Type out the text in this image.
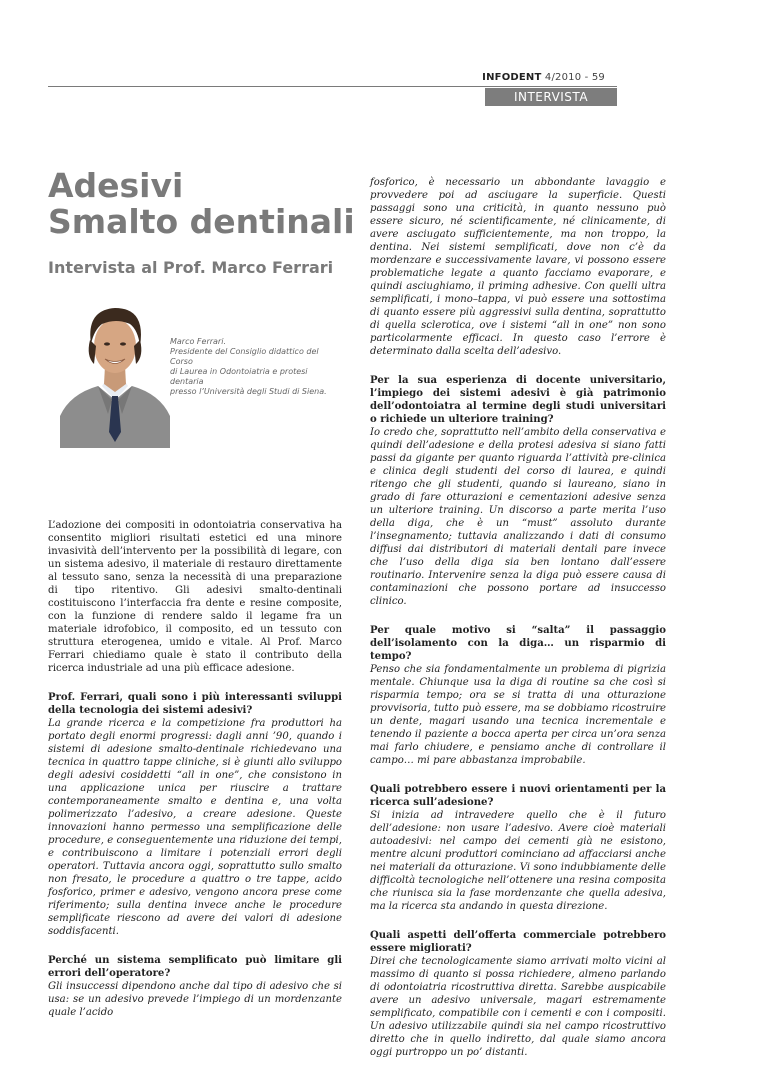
INFODENT 4/2010 - 59
INTERVISTA
Adesivi
Smalto dentinali
Intervista al Prof. Marco Ferrari

Marco Ferrari.

Presidente del Consiglio didattico del Corso

di Laurea in Odontoiatria e protesi dentaria

presso l’Università degli Studi di Siena.

L’adozione dei compositi in odontoiatria conservativa ha consentito migliori risultati estetici ed una minore invasività dell’intervento per la possibilità di legare, con un sistema adesivo, il materiale di restauro direttamente al tessuto sano, senza la necessità di una preparazione di tipo ritentivo. Gli adesivi smalto-dentinali costituiscono l’interfaccia fra dente e resine composite, con la funzione di rendere saldo il legame fra un materiale idrofobico, il composito, ed un tessuto con struttura eterogenea, umido e vitale. Al Prof. Marco Ferrari chiediamo quale è stato il contributo della ricerca industriale ad una più efficace adesione.

Prof. Ferrari, quali sono i più interessanti sviluppi della tecnologia dei sistemi adesivi?
La grande ricerca e la competizione fra produttori ha portato degli enormi progressi: dagli anni ’90, quando i sistemi di adesione smalto-dentinale richiedevano una tecnica in quattro tappe cliniche, si è giunti allo sviluppo degli adesivi cosiddetti “all in one”, che consistono in una applicazione unica per riuscire a trattare contemporaneamente smalto e dentina e, una volta polimerizzato l’adesivo, a creare adesione. Queste innovazioni hanno permesso una semplificazione delle procedure, e conseguentemente una riduzione dei tempi, e contribuiscono a limitare i potenziali errori degli operatori. Tuttavia ancora oggi, soprattutto sullo smalto non fresato, le procedure a quattro o tre tappe, acido fosforico, primer e adesivo, vengono ancora prese come riferimento; sulla dentina invece anche le procedure semplificate riescono ad avere dei valori di adesione soddisfacenti.

Perché un sistema semplificato può limitare gli errori dell’operatore?
Gli insuccessi dipendono anche dal tipo di adesivo che si usa: se un adesivo prevede l’impiego di un mordenzante quale l’acido

fosforico, è necessario un abbondante lavaggio e provvedere poi ad asciugare la superficie. Questi passaggi sono una criticità, in quanto nessuno può essere sicuro, né scientificamente, né clinicamente, di avere asciugato sufficientemente, ma non troppo, la dentina. Nei sistemi semplificati, dove non c’è da mordenzare e successivamente lavare, vi possono essere problematiche legate a quanto facciamo evaporare, e quindi asciughiamo, il priming adhesive. Con quelli ultra semplificati, i mono–tappa, vi può essere una sottostima di quanto essere più aggressivi sulla dentina, soprattutto di quella sclerotica, ove i sistemi “all in one” non sono particolarmente efficaci. In questo caso l’errore è determinato dalla scelta dell’adesivo.

Per la sua esperienza di docente universitario, l’impiego dei sistemi adesivi è già patrimonio dell’odontoiatra al termine degli studi universitari o richiede un ulteriore training?
Io credo che, soprattutto nell’ambito della conservativa e quindi dell’adesione e della protesi adesiva si siano fatti passi da gigante per quanto riguarda l’attività pre-clinica e clinica degli studenti del corso di laurea, e quindi ritengo che gli studenti, quando si laureano, siano in grado di fare otturazioni e cementazioni adesive senza un ulteriore training. Un discorso a parte merita l’uso della diga, che è un “must” assoluto durante l’insegnamento; tuttavia analizzando i dati di consumo diffusi dai distributori di materiali dentali pare invece che l’uso della diga sia ben lontano dall’essere routinario. Intervenire senza la diga può essere causa di contaminazioni che possono portare ad insuccesso clinico.

Per quale motivo si “salta” il passaggio dell’isolamento con la diga… un risparmio di tempo?
Penso che sia fondamentalmente un problema di pigrizia mentale. Chiunque usa la diga di routine sa che così si risparmia tempo; ora se si tratta di una otturazione provvisoria, tutto può essere, ma se dobbiamo ricostruire un dente, magari usando una tecnica incrementale e tenendo il paziente a bocca aperta per circa un’ora senza mai farlo chiudere, e pensiamo anche di controllare il campo… mi pare abbastanza improbabile.

Quali potrebbero essere i nuovi orientamenti per la ricerca sull’adesione?
Si inizia ad intravedere quello che è il futuro dell’adesione: non usare l’adesivo. Avere cioè materiali autoadesivi: nel campo dei cementi già ne esistono, mentre alcuni produttori cominciano ad affacciarsi anche nei materiali da otturazione. Vi sono indubbiamente delle difficoltà tecnologiche nell’ottenere una resina composita che riunisca sia la fase mordenzante che quella adesiva, ma la ricerca sta andando in questa direzione.

Quali aspetti dell’offerta commerciale potrebbero essere migliorati?
Direi che tecnologicamente siamo arrivati molto vicini al massimo di quanto si possa richiedere, almeno parlando di odontoiatria ricostruttiva diretta. Sarebbe auspicabile avere un adesivo universale, magari estremamente semplificato, compatibile con i cementi e con i compositi. Un adesivo utilizzabile quindi sia nel campo ricostruttivo diretto che in quello indiretto, dal quale siamo ancora oggi purtroppo un po’ distanti.
